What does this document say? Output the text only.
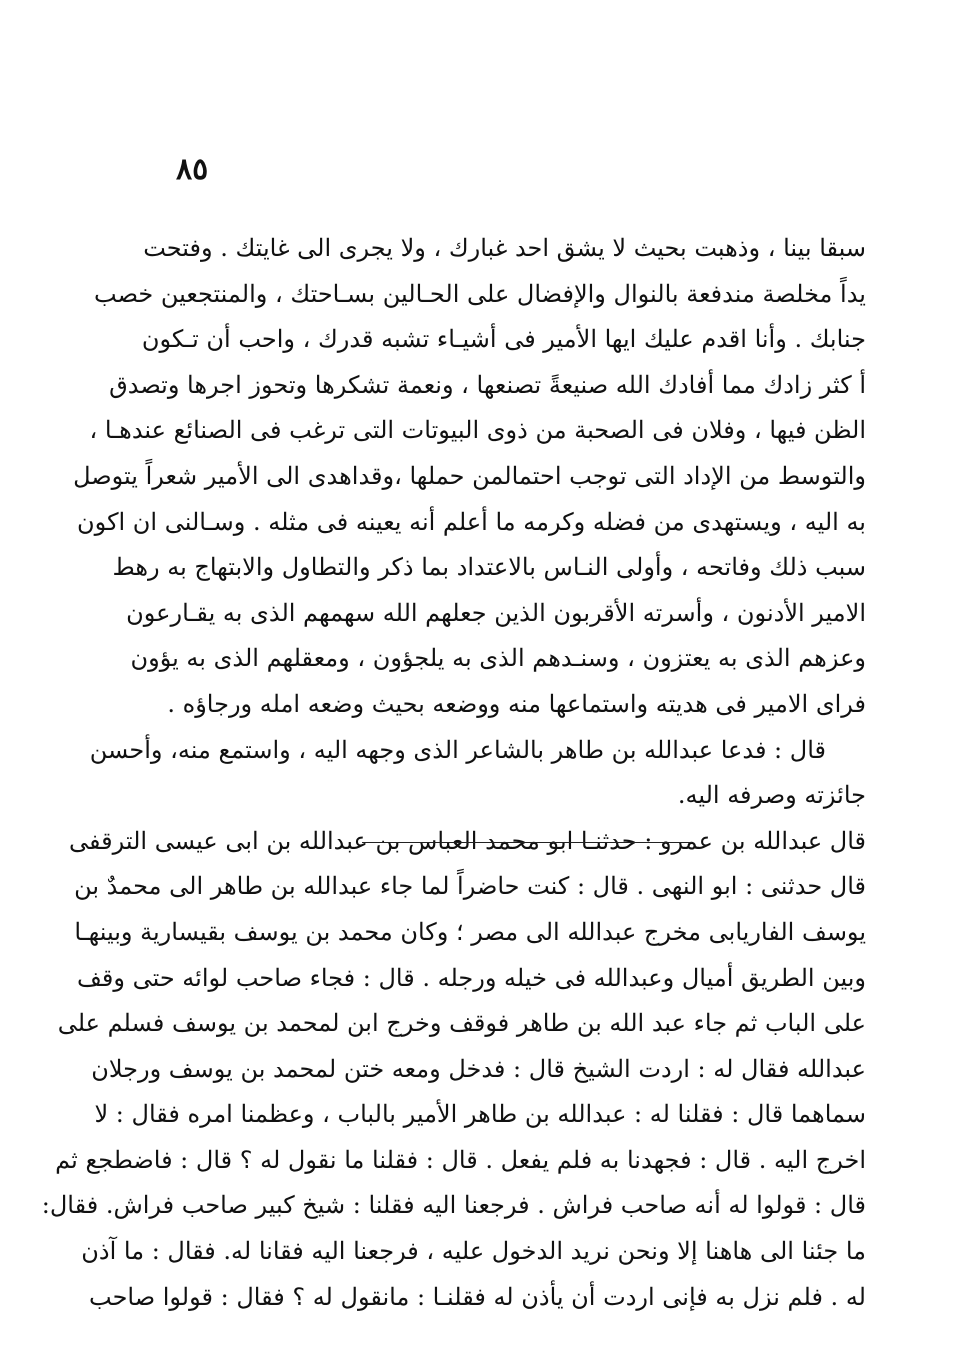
٨٥
سبقا بينا ، وذهبت بحيث لا يشق احد غبارك ، ولا يجرى الى غايتك . وفتحت
يداً مخلصة مندفعة بالنوال والإفضال على الحـالين بسـاحتك ، والمنتجعين خصب
جنابك . وأنا اقدم عليك ايها الأمير فى أشيـاء تشبه قدرك ، واحب أن تـكون
أ كثر زادك مما أفادك الله صنيعةً تصنعها ، ونعمة تشكرها وتحوز اجرها وتصدق
الظن فيها ، وفلان فى الصحبة من ذوى البيوتات التى ترغب فى الصنائع عندهـا ،
والتوسط من الإداد التى توجب احتمالمن حملها ،وقداهدى الى الأمير شعراً يتوصل
به اليه ، ويستهدى من فضله وكرمه ما أعلم أنه يعينه فى مثله . وسـالنى ان اكون
سبب ذلك وفاتحه ، وأولى النـاس بالاعتداد بما ذكر والتطاول والابتهاج به رهط
الامير الأدنون ، وأسرته الأقربون الذين جعلهم الله سهمهم الذى به يقـارعون
وعزهم الذى به يعتزون ، وسنـدهم الذى به يلجؤون ، ومعقلهم الذى به يؤون
فراى الامير فى هديته واستماعها منه ووضعه بحيث وضعه امله ورجاؤه .
قال : فدعا عبدالله بن طاهر بالشاعر الذى وجهه اليه ، واستمع منه، وأحسن
جائزته وصرفه اليه.
قال عبدالله بن عمرو : حدثنـا ابو محمد العباس بن عبدالله بن ابى عيسى الترقفى
قال حدثنى : ابو النهى . قال : كنت حاضراً لما جاء عبدالله بن طاهر الى محمدٌ بن
يوسف الفاريابى مخرج عبدالله الى مصر ؛ وكان محمد بن يوسف بقيسارية وبينهـا
وبين الطريق أميال وعبدالله فى خيله ورجله . قال : فجاء صاحب لوائه حتى وقف
على الباب ثم جاء عبد الله بن طاهر فوقف وخرج ابن لمحمد بن يوسف فسلم على
عبدالله فقال له : اردت الشيخ قال : فدخل ومعه ختن لمحمد بن يوسف ورجلان
سماهما قال : فقلنا له : عبدالله بن طاهر الأمير بالباب ، وعظمنا امره فقال : لا
اخرج اليه . قال : فجهدنا به فلم يفعل . قال : فقلنا ما نقول له ؟ قال : فاضطجع ثم
قال : قولوا له أنه صاحب فراش . فرجعنا اليه فقلنا : شيخ كبير صاحب فراش. فقال:
ما جئنا الى هاهنا إلا ونحن نريد الدخول عليه ، فرجعنا اليه فقانا له. فقال : ما آذن
له . فلم نزل به فإنى اردت أن يأذن له فقلنـا : مانقول له ؟ فقال : قولوا صاحب
